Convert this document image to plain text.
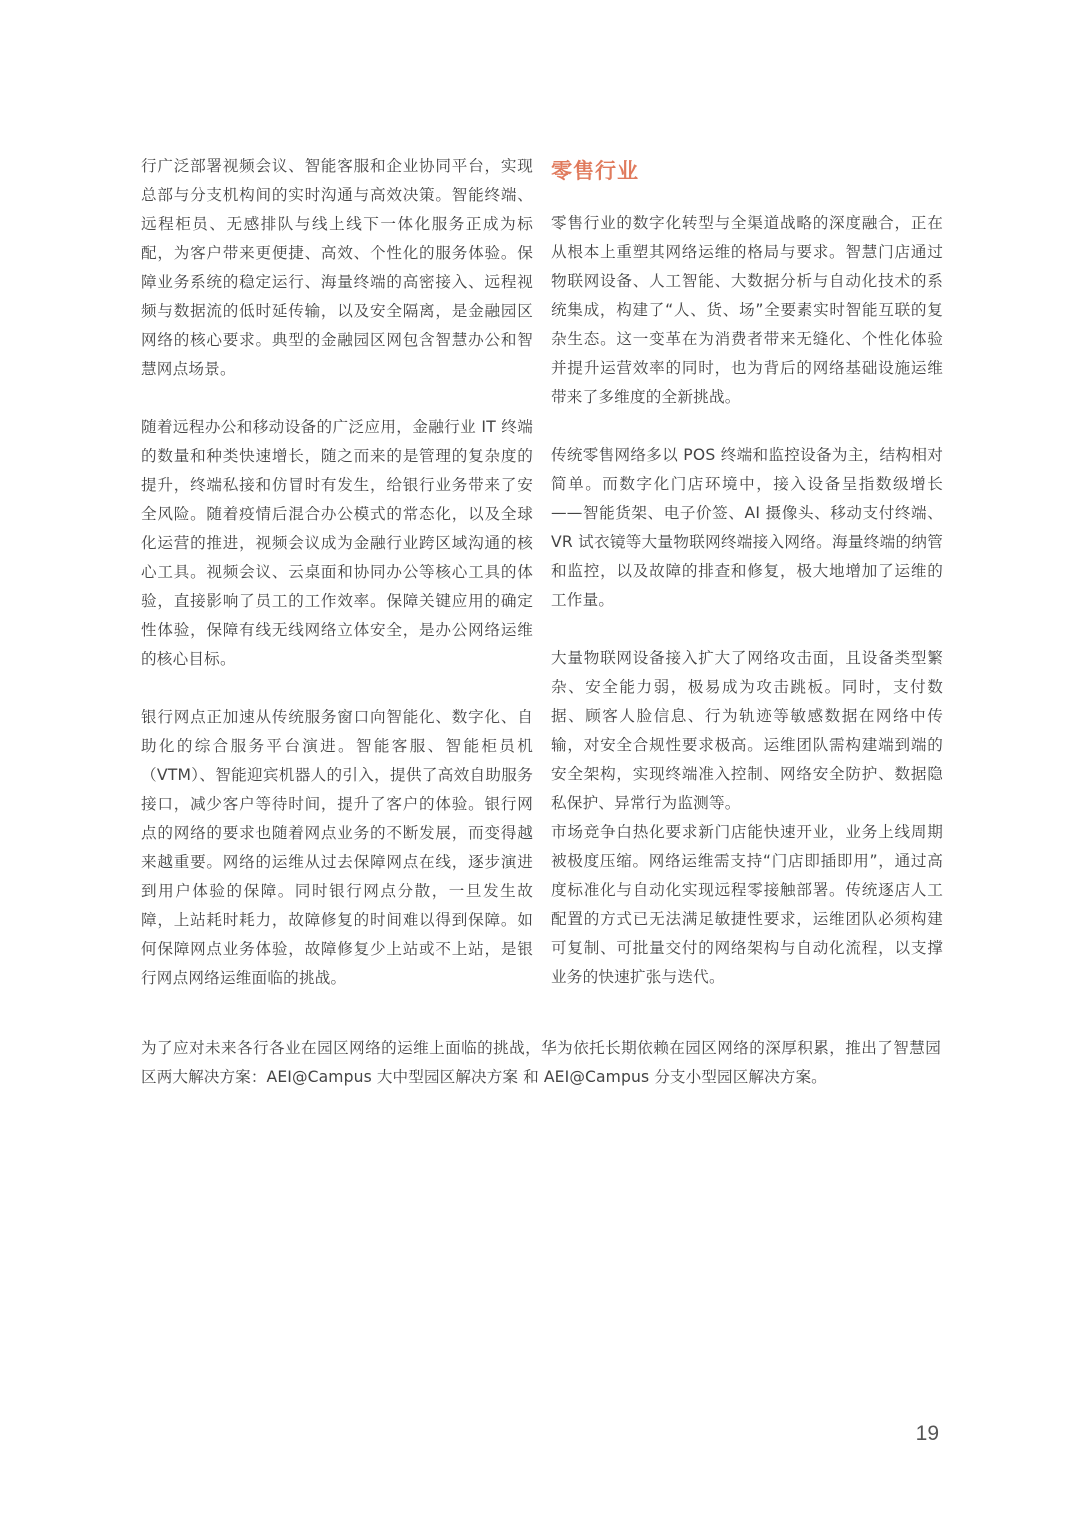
行广泛部署视频会议、智能客服和企业协同平台，实现总部与分支机构间的实时沟通与高效决策。智能终端、远程柜员、无感排队与线上线下一体化服务正成为标配，为客户带来更便捷、高效、个性化的服务体验。保障业务系统的稳定运行、海量终端的高密接入、远程视频与数据流的低时延传输，以及安全隔离，是金融园区网络的核心要求。典型的金融园区网包含智慧办公和智慧网点场景。

随着远程办公和移动设备的广泛应用，金融行业 IT 终端的数量和种类快速增长，随之而来的是管理的复杂度的提升，终端私接和仿冒时有发生，给银行业务带来了安全风险。随着疫情后混合办公模式的常态化，以及全球化运营的推进，视频会议成为金融行业跨区域沟通的核心工具。视频会议、云桌面和协同办公等核心工具的体验，直接影响了员工的工作效率。保障关键应用的确定性体验，保障有线无线网络立体安全，是办公网络运维的核心目标。

银行网点正加速从传统服务窗口向智能化、数字化、自助化的综合服务平台演进。智能客服、智能柜员机（VTM）、智能迎宾机器人的引入，提供了高效自助服务接口，减少客户等待时间，提升了客户的体验。银行网点的网络的要求也随着网点业务的不断发展，而变得越来越重要。网络的运维从过去保障网点在线，逐步演进到用户体验的保障。同时银行网点分散，一旦发生故障，上站耗时耗力，故障修复的时间难以得到保障。如何保障网点业务体验，故障修复少上站或不上站，是银行网点网络运维面临的挑战。

零售行业

零售行业的数字化转型与全渠道战略的深度融合，正在从根本上重塑其网络运维的格局与要求。智慧门店通过物联网设备、人工智能、大数据分析与自动化技术的系统集成，构建了“人、货、场”全要素实时智能互联的复杂生态。这一变革在为消费者带来无缝化、个性化体验并提升运营效率的同时，也为背后的网络基础设施运维带来了多维度的全新挑战。

传统零售网络多以 POS 终端和监控设备为主，结构相对简单。而数字化门店环境中，接入设备呈指数级增长——智能货架、电子价签、AI 摄像头、移动支付终端、VR 试衣镜等大量物联网终端接入网络。海量终端的纳管和监控，以及故障的排查和修复，极大地增加了运维的工作量。

大量物联网设备接入扩大了网络攻击面，且设备类型繁杂、安全能力弱，极易成为攻击跳板。同时，支付数据、顾客人脸信息、行为轨迹等敏感数据在网络中传输，对安全合规性要求极高。运维团队需构建端到端的安全架构，实现终端准入控制、网络安全防护、数据隐私保护、异常行为监测等。

市场竞争白热化要求新门店能快速开业，业务上线周期被极度压缩。网络运维需支持“门店即插即用”，通过高度标准化与自动化实现远程零接触部署。传统逐店人工配置的方式已无法满足敏捷性要求，运维团队必须构建可复制、可批量交付的网络架构与自动化流程，以支撑业务的快速扩张与迭代。

为了应对未来各行各业在园区网络的运维上面临的挑战，华为依托长期依赖在园区网络的深厚积累，推出了智慧园区两大解决方案：AEI@Campus 大中型园区解决方案 和 AEI@Campus 分支小型园区解决方案。

19
